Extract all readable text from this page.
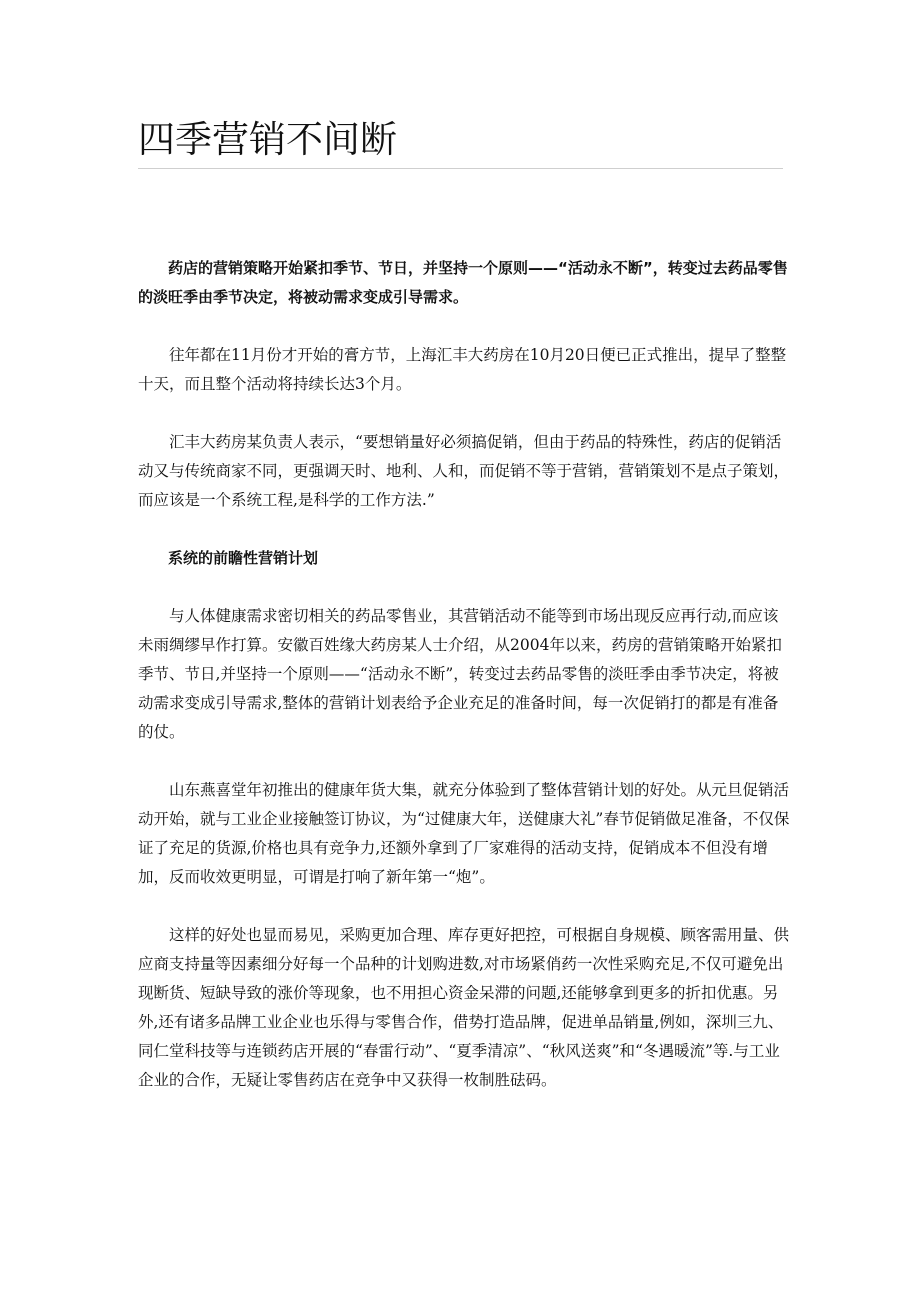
四季营销不间断

药店的营销策略开始紧扣季节、节日，并坚持一个原则——“活动永不断”，转变过去药品零售的淡旺季由季节决定，将被动需求变成引导需求。

往年都在11月份才开始的膏方节，上海汇丰大药房在10月20日便已正式推出，提早了整整十天，而且整个活动将持续长达3个月。

汇丰大药房某负责人表示，“要想销量好必须搞促销，但由于药品的特殊性，药店的促销活动又与传统商家不同，更强调天时、地利、人和，而促销不等于营销，营销策划不是点子策划，而应该是一个系统工程,是科学的工作方法.”

系统的前瞻性营销计划

与人体健康需求密切相关的药品零售业，其营销活动不能等到市场出现反应再行动,而应该未雨绸缪早作打算。安徽百姓缘大药房某人士介绍，从2004年以来，药房的营销策略开始紧扣季节、节日,并坚持一个原则——“活动永不断”，转变过去药品零售的淡旺季由季节决定，将被动需求变成引导需求,整体的营销计划表给予企业充足的准备时间，每一次促销打的都是有准备的仗。

山东燕喜堂年初推出的健康年货大集，就充分体验到了整体营销计划的好处。从元旦促销活动开始，就与工业企业接触签订协议，为“过健康大年，送健康大礼”春节促销做足准备，不仅保证了充足的货源,价格也具有竞争力,还额外拿到了厂家难得的活动支持，促销成本不但没有增加，反而收效更明显，可谓是打响了新年第一“炮”。

这样的好处也显而易见，采购更加合理、库存更好把控，可根据自身规模、顾客需用量、供应商支持量等因素细分好每一个品种的计划购进数,对市场紧俏药一次性采购充足,不仅可避免出现断货、短缺导致的涨价等现象，也不用担心资金呆滞的问题,还能够拿到更多的折扣优惠。另外,还有诸多品牌工业企业也乐得与零售合作，借势打造品牌，促进单品销量,例如，深圳三九、同仁堂科技等与连锁药店开展的“春雷行动”、“夏季清凉”、“秋风送爽”和“冬遇暖流”等.与工业企业的合作，无疑让零售药店在竞争中又获得一枚制胜砝码。
